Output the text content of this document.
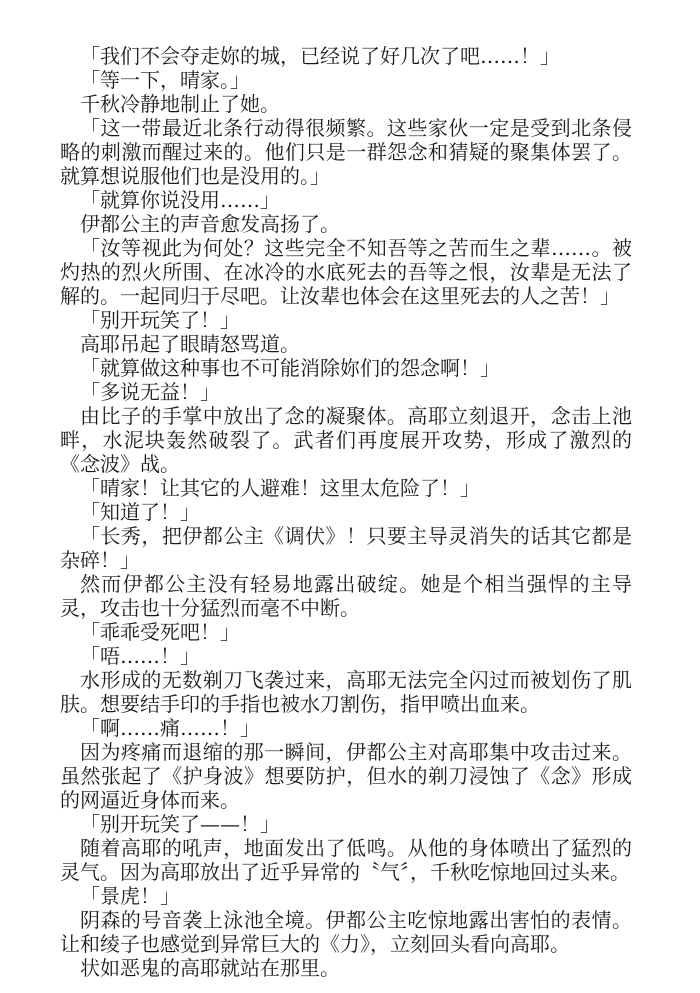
「我们不会夺走妳的城，已经说了好几次了吧……！」

「等一下，晴家。」

千秋冷静地制止了她。

「这一带最近北条行动得很频繁。这些家伙一定是受到北条侵略的刺激而醒过来的。他们只是一群怨念和猜疑的聚集体罢了。就算想说服他们也是没用的。」

「就算你说没用……」

伊都公主的声音愈发高扬了。

「汝等视此为何处？这些完全不知吾等之苦而生之辈……。被灼热的烈火所围、在冰冷的水底死去的吾等之恨，汝辈是无法了解的。一起同归于尽吧。让汝辈也体会在这里死去的人之苦！」

「别开玩笑了！」

高耶吊起了眼睛怒骂道。

「就算做这种事也不可能消除妳们的怨念啊！」

「多说无益！」

由比子的手掌中放出了念的凝聚体。高耶立刻退开，念击上池畔，水泥块轰然破裂了。武者们再度展开攻势，形成了激烈的《念波》战。

「晴家！让其它的人避难！这里太危险了！」

「知道了！」

「长秀，把伊都公主《调伏》！只要主导灵消失的话其它都是杂碎！」

然而伊都公主没有轻易地露出破绽。她是个相当强悍的主导灵，攻击也十分猛烈而毫不中断。

「乖乖受死吧！」

「唔……！」

水形成的无数剃刀飞袭过来，高耶无法完全闪过而被划伤了肌肤。想要结手印的手指也被水刀割伤，指甲喷出血来。

「啊……痛……！」

因为疼痛而退缩的那一瞬间，伊都公主对高耶集中攻击过来。虽然张起了《护身波》想要防护，但水的剃刀浸蚀了《念》形成的网逼近身体而来。

「别开玩笑了——！」

随着高耶的吼声，地面发出了低鸣。从他的身体喷出了猛烈的灵气。因为高耶放出了近乎异常的〝气〞，千秋吃惊地回过头来。

「景虎！」

阴森的号音袭上泳池全境。伊都公主吃惊地露出害怕的表情。让和绫子也感觉到异常巨大的《力》，立刻回头看向高耶。

状如恶鬼的高耶就站在那里。
